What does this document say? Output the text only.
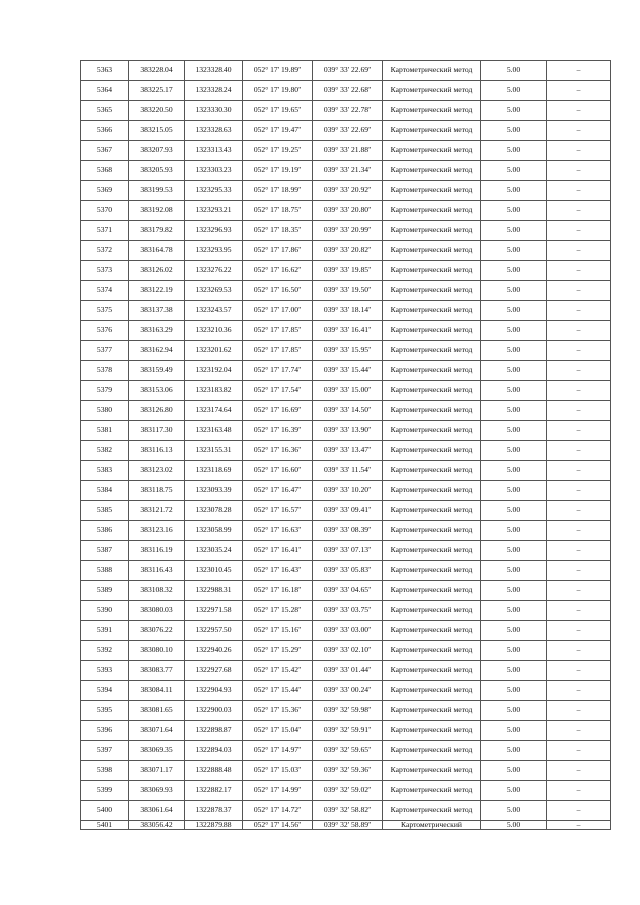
5363	383228.04	1323328.40	052° 17' 19.89"	039° 33' 22.69"	Картометрический метод	5.00	–
5364	383225.17	1323328.24	052° 17' 19.80"	039° 33' 22.68"	Картометрический метод	5.00	–
5365	383220.50	1323330.30	052° 17' 19.65"	039° 33' 22.78"	Картометрический метод	5.00	–
5366	383215.05	1323328.63	052° 17' 19.47"	039° 33' 22.69"	Картометрический метод	5.00	–
5367	383207.93	1323313.43	052° 17' 19.25"	039° 33' 21.88"	Картометрический метод	5.00	–
5368	383205.93	1323303.23	052° 17' 19.19"	039° 33' 21.34"	Картометрический метод	5.00	–
5369	383199.53	1323295.33	052° 17' 18.99"	039° 33' 20.92"	Картометрический метод	5.00	–
5370	383192.08	1323293.21	052° 17' 18.75"	039° 33' 20.80"	Картометрический метод	5.00	–
5371	383179.82	1323296.93	052° 17' 18.35"	039° 33' 20.99"	Картометрический метод	5.00	–
5372	383164.78	1323293.95	052° 17' 17.86"	039° 33' 20.82"	Картометрический метод	5.00	–
5373	383126.02	1323276.22	052° 17' 16.62"	039° 33' 19.85"	Картометрический метод	5.00	–
5374	383122.19	1323269.53	052° 17' 16.50"	039° 33' 19.50"	Картометрический метод	5.00	–
5375	383137.38	1323243.57	052° 17' 17.00"	039° 33' 18.14"	Картометрический метод	5.00	–
5376	383163.29	1323210.36	052° 17' 17.85"	039° 33' 16.41"	Картометрический метод	5.00	–
5377	383162.94	1323201.62	052° 17' 17.85"	039° 33' 15.95"	Картометрический метод	5.00	–
5378	383159.49	1323192.04	052° 17' 17.74"	039° 33' 15.44"	Картометрический метод	5.00	–
5379	383153.06	1323183.82	052° 17' 17.54"	039° 33' 15.00"	Картометрический метод	5.00	–
5380	383126.80	1323174.64	052° 17' 16.69"	039° 33' 14.50"	Картометрический метод	5.00	–
5381	383117.30	1323163.48	052° 17' 16.39"	039° 33' 13.90"	Картометрический метод	5.00	–
5382	383116.13	1323155.31	052° 17' 16.36"	039° 33' 13.47"	Картометрический метод	5.00	–
5383	383123.02	1323118.69	052° 17' 16.60"	039° 33' 11.54"	Картометрический метод	5.00	–
5384	383118.75	1323093.39	052° 17' 16.47"	039° 33' 10.20"	Картометрический метод	5.00	–
5385	383121.72	1323078.28	052° 17' 16.57"	039° 33' 09.41"	Картометрический метод	5.00	–
5386	383123.16	1323058.99	052° 17' 16.63"	039° 33' 08.39"	Картометрический метод	5.00	–
5387	383116.19	1323035.24	052° 17' 16.41"	039° 33' 07.13"	Картометрический метод	5.00	–
5388	383116.43	1323010.45	052° 17' 16.43"	039° 33' 05.83"	Картометрический метод	5.00	–
5389	383108.32	1322988.31	052° 17' 16.18"	039° 33' 04.65"	Картометрический метод	5.00	–
5390	383080.03	1322971.58	052° 17' 15.28"	039° 33' 03.75"	Картометрический метод	5.00	–
5391	383076.22	1322957.50	052° 17' 15.16"	039° 33' 03.00"	Картометрический метод	5.00	–
5392	383080.10	1322940.26	052° 17' 15.29"	039° 33' 02.10"	Картометрический метод	5.00	–
5393	383083.77	1322927.68	052° 17' 15.42"	039° 33' 01.44"	Картометрический метод	5.00	–
5394	383084.11	1322904.93	052° 17' 15.44"	039° 33' 00.24"	Картометрический метод	5.00	–
5395	383081.65	1322900.03	052° 17' 15.36"	039° 32' 59.98"	Картометрический метод	5.00	–
5396	383071.64	1322898.87	052° 17' 15.04"	039° 32' 59.91"	Картометрический метод	5.00	–
5397	383069.35	1322894.03	052° 17' 14.97"	039° 32' 59.65"	Картометрический метод	5.00	–
5398	383071.17	1322888.48	052° 17' 15.03"	039° 32' 59.36"	Картометрический метод	5.00	–
5399	383069.93	1322882.17	052° 17' 14.99"	039° 32' 59.02"	Картометрический метод	5.00	–
5400	383061.64	1322878.37	052° 17' 14.72"	039° 32' 58.82"	Картометрический метод	5.00	–
5401	383056.42	1322879.88	052° 17' 14.56"	039° 32' 58.89"	Картометрический	5.00	–
